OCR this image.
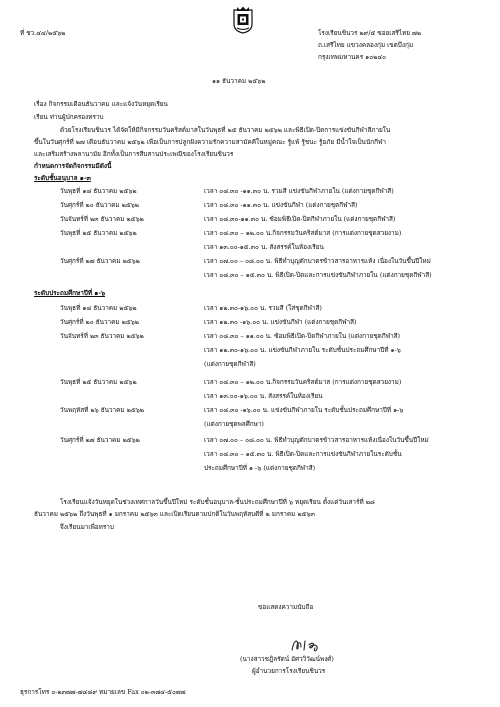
ที่ ชว.๔๔/๒๕๖๒	โรงเรียนชินวร ๒๙/๕ ซอยเสรีไทย ๗๒
ถ.เสรีไทย แขวงคลองกุ่ม เขตบึงกุ่ม
กรุงเทพมหานคร ๑๐๒๔๐
๑๑ ธันวาคม ๒๕๖๒
เรื่อง กิจกรรมเดือนธันวาคม และแจ้งวันหยุดเรียน
เรียน ท่านผู้ปกครองทราบ
ด้วยโรงเรียนชินวร ได้จัดให้มีกิจกรรมวันคริสต์มาสในวันพุธที่ ๒๕ ธันวาคม ๒๕๖๒ และพิธีเปิด-ปิดการแข่งขันกีฬาสีภายใน
ขึ้นในวันศุกร์ที่ ๒๗ เดือนธันวาคม ๒๕๖๒ เพื่อเป็นการปลูกฝังความรักความสามัคคีในหมู่คณะ รู้แพ้ รู้ชนะ รู้อภัย มีน้ำใจเป็นนักกีฬา
และเสริมสร้างพลานามัย อีกทั้งเป็นการสืบสานประเพณีของโรงเรียนชินวร
กำหนดการจัดกิจกรรมมีดังนี้
ระดับชั้นอนุบาล ๑-๓
วันพุธที่ ๑๘ ธันวาคม ๒๕๖๒	เวลา ๐๘.๓๐ -๑๑.๓๐ น. รวมสี แข่งขันกีฬาภายใน (แต่งกายชุดกีฬาสี)
วันศุกร์ที่ ๒๐ ธันวาคม ๒๕๖๒	เวลา ๐๘.๓๐ -๑๑.๓๐ น. แข่งขันกีฬา (แต่งกายชุดกีฬาสี)
วันจันทร์ที่ ๒๓ ธันวาคม ๒๕๖๒	เวลา ๐๘.๓๐-๑๑.๓๐ น. ซ้อมพิธีเปิด-ปิดกีฬาภายใน (แต่งกายชุดกีฬาสี)
วันพุธที่ ๒๕ ธันวาคม ๒๕๖๒	เวลา ๐๘.๓๐ – ๑๒.๐๐ น.กิจกรรมวันคริสต์มาส (การแต่งกายชุดสวยงาม)
เวลา ๑๓.๐๐-๑๕.๓๐ น. สังสรรค์ในห้องเรียน
วันศุกร์ที่ ๒๗ ธันวาคม ๒๕๖๒	เวลา ๐๗.๐๐ – ๐๘.๐๐ น. พิธีทำบุญตักบาตรข้าวสารอาหารแห้ง เนื่องในวันขึ้นปีใหม่
เวลา ๐๘.๓๐ – ๑๕.๓๐ น. พิธีเปิด-ปิดและการแข่งขันกีฬาภายใน (แต่งกายชุดกีฬาสี)
ระดับประถมศึกษาปีที่ ๑-๖
วันพุธที่ ๑๘ ธันวาคม ๒๕๖๒	เวลา ๑๒.๓๐-๑๖.๐๐ น. รวมสี (ใส่ชุดกีฬาสี)
วันศุกร์ที่ ๒๐ ธันวาคม ๒๕๖๒	เวลา ๑๒.๓๐ -๑๖.๐๐ น. แข่งขันกีฬา (แต่งกายชุดกีฬาสี)
วันจันทร์ที่ ๒๓ ธันวาคม ๒๕๖๒	เวลา ๐๘.๓๐ – ๑๑.๐๐ น. ซ้อมพิธีเปิด-ปิดกีฬาภายใน (แต่งกายชุดกีฬาสี)
เวลา ๑๒.๓๐-๑๖.๐๐ น. แข่งขันกีฬาภายใน ระดับชั้นประถมศึกษาปีที่ ๑-๖
(แต่งกายชุดกีฬาสี)
วันพุธที่ ๒๕ ธันวาคม ๒๕๖๒	เวลา ๐๘.๓๐ – ๑๒.๐๐ น.กิจกรรมวันคริสต์มาส (การแต่งกายชุดสวยงาม)
เวลา ๑๓.๐๐-๑๖.๐๐ น. สังสรรค์ในห้องเรียน
วันพฤหัสที่ ๒๖ ธันวาคม ๒๕๖๒	เวลา ๐๘.๓๐ -๑๖.๐๐ น. แข่งขันกีฬาภายใน ระดับชั้นประถมศึกษาปีที่ ๑-๖
(แต่งกายชุดพลศึกษา)
วันศุกร์ที่ ๒๗ ธันวาคม ๒๕๖๒	เวลา ๐๗.๐๐ – ๐๘.๐๐ น. พิธีทำบุญตักบาตรข้าวสารอาหารแห้งเนื่องในวันขึ้นปีใหม่
เวลา ๐๘.๓๐ – ๑๕.๓๐ น. พิธีเปิด-ปิดและการแข่งขันกีฬาภายในระดับชั้น
ประถมศึกษาปีที่ ๑ -๖ (แต่งกายชุดกีฬาสี)
โรงเรียนแจ้งวันหยุดในช่วงเทศกาลวันขึ้นปีใหม่ ระดับชั้นอนุบาล-ชั้นประถมศึกษาปีที่ ๖ หยุดเรียน ตั้งแต่วันเสาร์ที่ ๒๘
ธันวาคม ๒๕๖๒ ถึงวันพุธที่ ๑ มกราคม ๒๕๖๓ และเปิดเรียนตามปกติในวันพฤหัสบดีที่ ๒ มกราคม ๒๕๖๓
จึงเรียนมาเพื่อทราบ
ขอแสดงความนับถือ
(นางสาวชฎิลรัตน์ อัศววิวัฒน์พงศ์)
ผู้อำนวยการโรงเรียนชินวร
ธุรการโทร ๐-๒๓๗๗-๗๔๘๙ หมายเลข Fax ๐๒-๓๗๔-๕๐๗๗
